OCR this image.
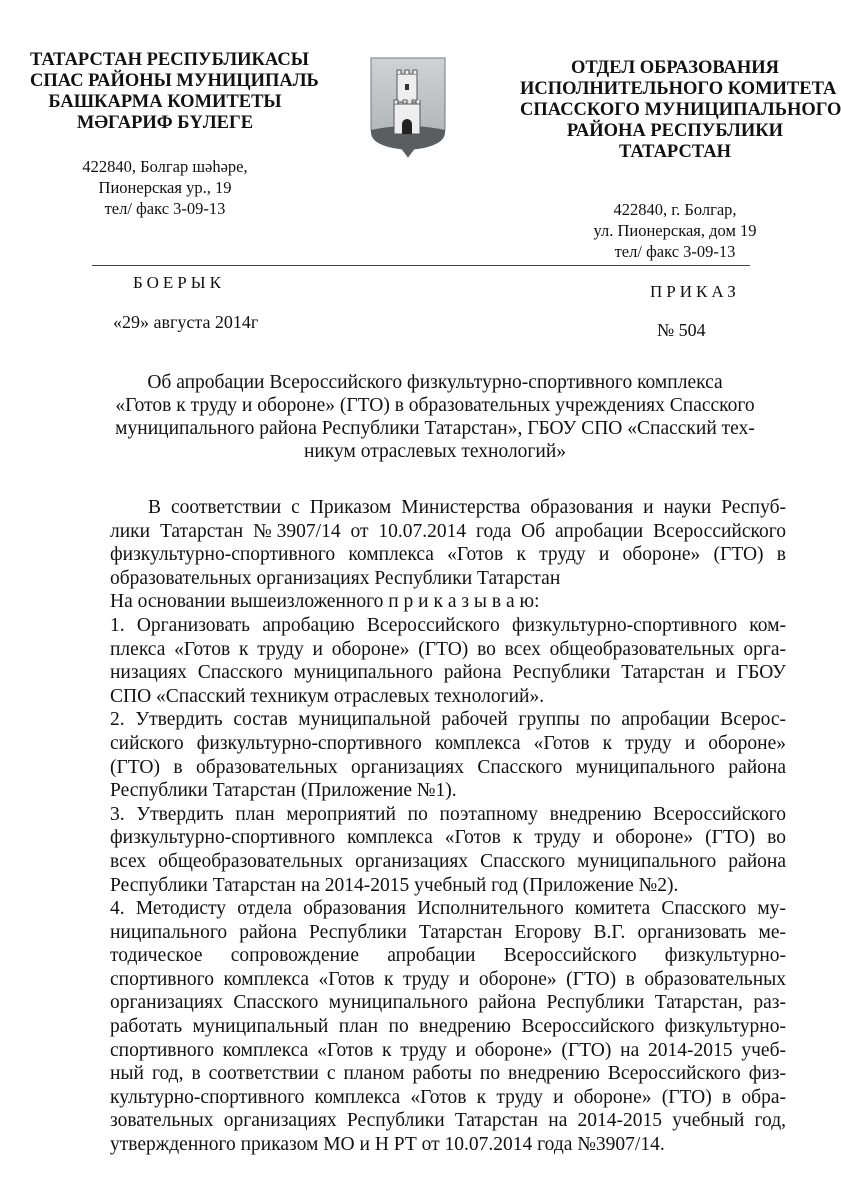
ТАТАРСТАН РЕСПУБЛИКАСЫ
СПАС РАЙОНЫ МУНИЦИПАЛЬ
БАШКАРМА КОМИТЕТЫ
МӘГАРИФ БҮЛЕГЕ
422840, Болгар шәһәре,
Пионерская ур., 19
тел/ факс 3-09-13
ОТДЕЛ ОБРАЗОВАНИЯ
ИСПОЛНИТЕЛЬНОГО КОМИТЕТА
СПАССКОГО МУНИЦИПАЛЬНОГО
РАЙОНА РЕСПУБЛИКИ
ТАТАРСТАН
422840, г. Болгар,
ул. Пионерская, дом 19
тел/ факс 3-09-13
БОЕРЫК	ПРИКАЗ
«29» августа 2014г	№ 504
Об апробации Всероссийского физкультурно-спортивного комплекса
«Готов к труду и обороне» (ГТО) в образовательных учреждениях Спасского
муниципального района Республики Татарстан», ГБОУ СПО «Спасский тех-
никум отраслевых технологий»
В соответствии с Приказом Министерства образования и науки Респуб-
лики Татарстан №3907/14 от 10.07.2014 года Об апробации Всероссийского
физкультурно-спортивного комплекса «Готов к труду и обороне» (ГТО) в
образовательных организациях Республики Татарстан
На основании вышеизложенного п р и к а з ы в а ю:
1. Организовать апробацию Всероссийского физкультурно-спортивного ком-
плекса «Готов к труду и обороне» (ГТО) во всех общеобразовательных орга-
низациях Спасского муниципального района Республики Татарстан и ГБОУ
СПО «Спасский техникум отраслевых технологий».
2. Утвердить состав муниципальной рабочей группы по апробации Всерос-
сийского физкультурно-спортивного комплекса «Готов к труду и обороне»
(ГТО) в образовательных организациях Спасского муниципального района
Республики Татарстан (Приложение №1).
3. Утвердить план мероприятий по поэтапному внедрению Всероссийского
физкультурно-спортивного комплекса «Готов к труду и обороне» (ГТО) во
всех общеобразовательных организациях Спасского муниципального района
Республики Татарстан на 2014-2015 учебный год (Приложение №2).
4. Методисту отдела образования Исполнительного комитета Спасского му-
ниципального района Республики Татарстан Егорову В.Г. организовать ме-
тодическое сопровождение апробации Всероссийского физкультурно-
спортивного комплекса «Готов к труду и обороне» (ГТО) в образовательных
организациях Спасского муниципального района Республики Татарстан, раз-
работать муниципальный план по внедрению Всероссийского физкультурно-
спортивного комплекса «Готов к труду и обороне» (ГТО) на 2014-2015 учеб-
ный год, в соответствии с планом работы по внедрению Всероссийского физ-
культурно-спортивного комплекса «Готов к труду и обороне» (ГТО) в обра-
зовательных организациях Республики Татарстан на 2014-2015 учебный год,
утвержденного приказом МО и Н РТ от 10.07.2014 года №3907/14.
